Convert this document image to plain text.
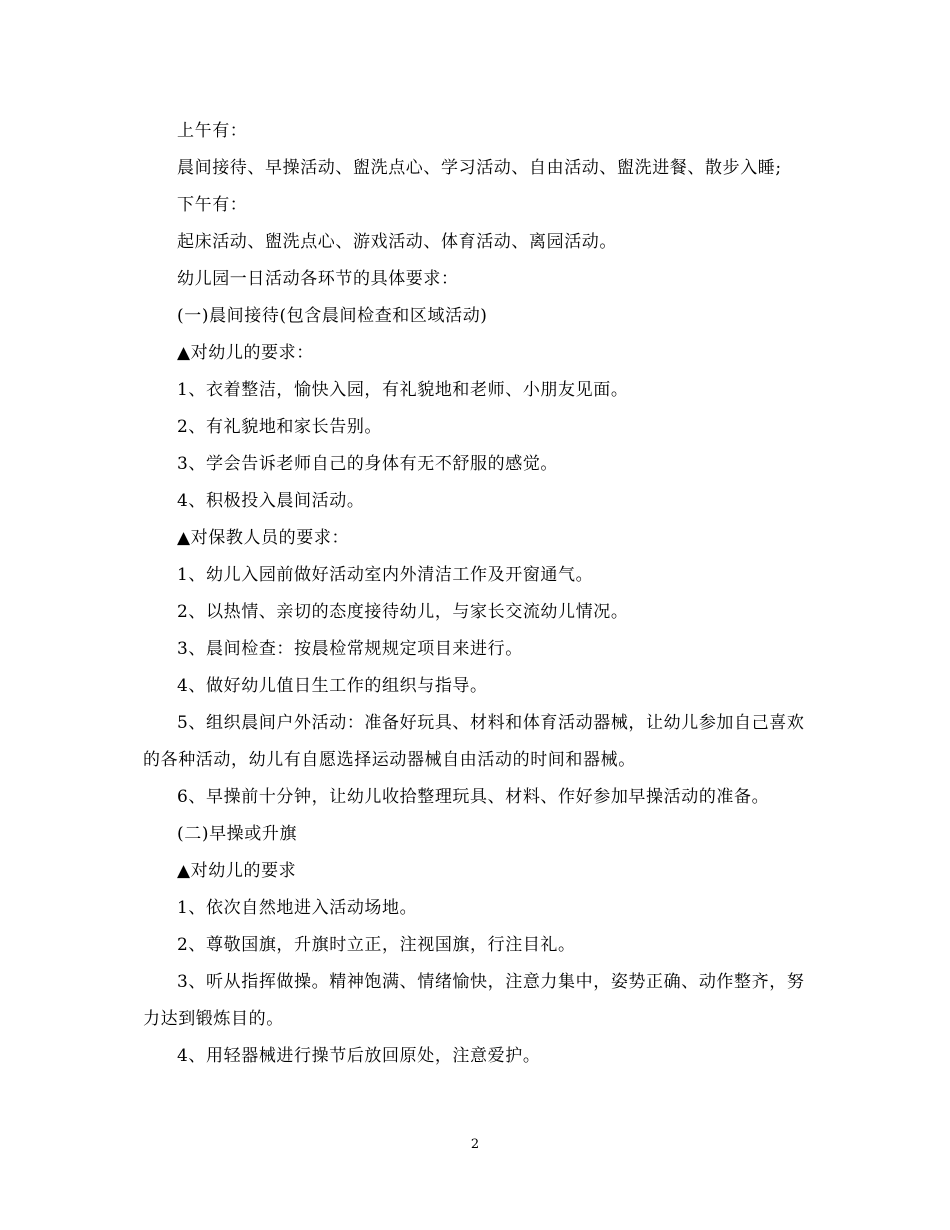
上午有：

晨间接待、早操活动、盥洗点心、学习活动、自由活动、盥洗进餐、散步入睡;

下午有：

起床活动、盥洗点心、游戏活动、体育活动、离园活动。

幼儿园一日活动各环节的具体要求：

(一)晨间接待(包含晨间检查和区域活动)

▲对幼儿的要求：

1、衣着整洁，愉快入园，有礼貌地和老师、小朋友见面。

2、有礼貌地和家长告别。

3、学会告诉老师自己的身体有无不舒服的感觉。

4、积极投入晨间活动。

▲对保教人员的要求：

1、幼儿入园前做好活动室内外清洁工作及开窗通气。

2、以热情、亲切的态度接待幼儿，与家长交流幼儿情况。

3、晨间检查：按晨检常规规定项目来进行。

4、做好幼儿值日生工作的组织与指导。

5、组织晨间户外活动：准备好玩具、材料和体育活动器械，让幼儿参加自己喜欢的各种活动，幼儿有自愿选择运动器械自由活动的时间和器械。

6、早操前十分钟，让幼儿收拾整理玩具、材料、作好参加早操活动的准备。

(二)早操或升旗

▲对幼儿的要求

1、依次自然地进入活动场地。

2、尊敬国旗，升旗时立正，注视国旗，行注目礼。

3、听从指挥做操。精神饱满、情绪愉快，注意力集中，姿势正确、动作整齐，努力达到锻炼目的。

4、用轻器械进行操节后放回原处，注意爱护。

2
